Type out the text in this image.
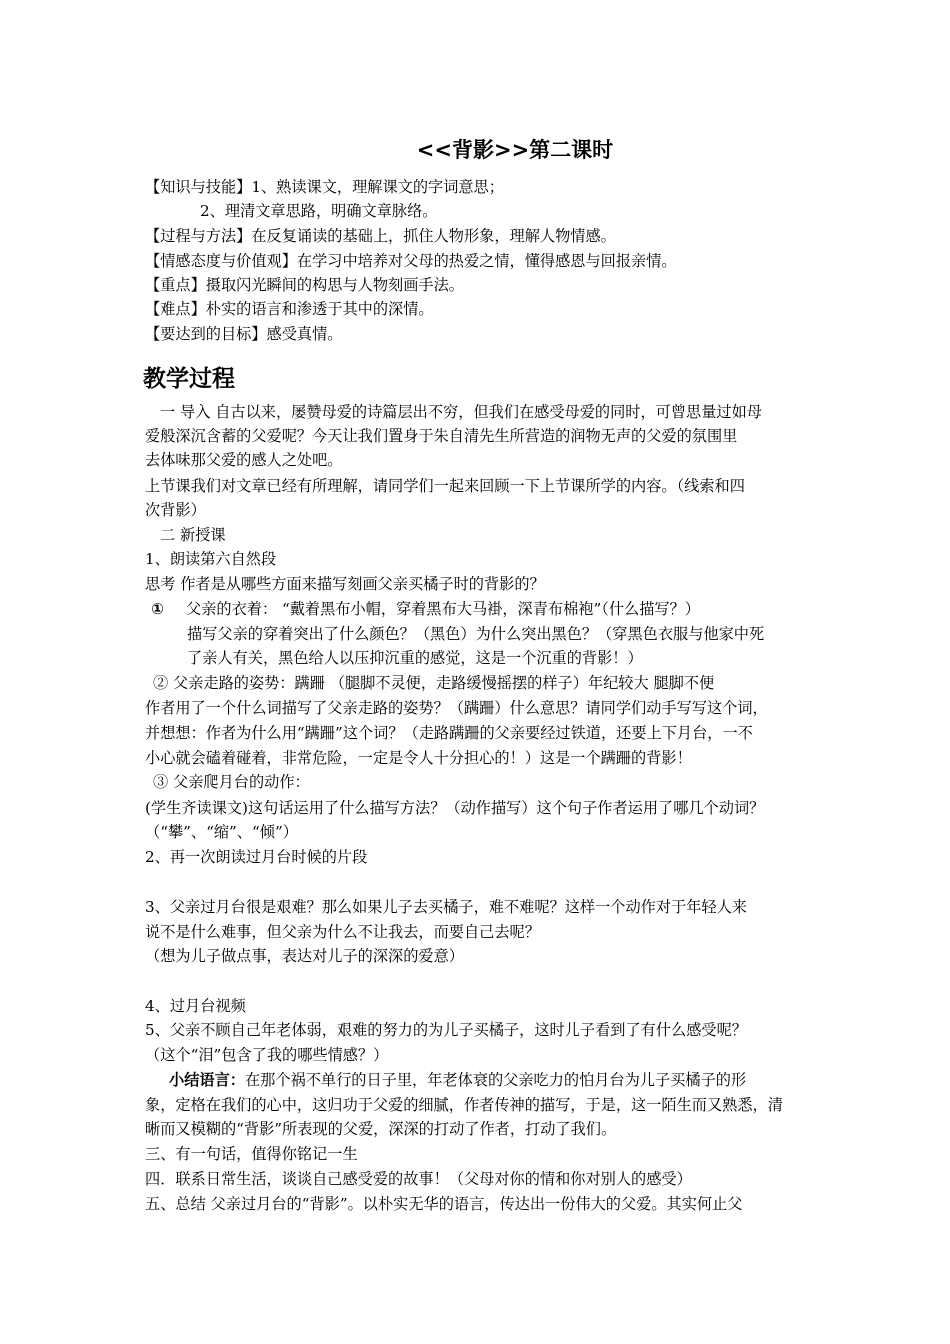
<<背影>>第二课时
【知识与技能】1、熟读课文，理解课文的字词意思；
2、理清文章思路，明确文章脉络。
【过程与方法】在反复诵读的基础上，抓住人物形象，理解人物情感。
【情感态度与价值观】在学习中培养对父母的热爱之情，懂得感恩与回报亲情。
【重点】摄取闪光瞬间的构思与人物刻画手法。
【难点】朴实的语言和渗透于其中的深情。
【要达到的目标】感受真情。
教学过程
一 导入 自古以来，屡赞母爱的诗篇层出不穷，但我们在感受母爱的同时，可曾思量过如母
爱般深沉含蓄的父爱呢？今天让我们置身于朱自清先生所营造的润物无声的父爱的氛围里
去体味那父爱的感人之处吧。
上节课我们对文章已经有所理解，请同学们一起来回顾一下上节课所学的内容。（线索和四
次背影）
二 新授课
1、朗读第六自然段
思考 作者是从哪些方面来描写刻画父亲买橘子时的背影的？
① 父亲的衣着： “戴着黑布小帽，穿着黑布大马褂，深青布棉袍”（什么描写？）
描写父亲的穿着突出了什么颜色？（黑色）为什么突出黑色？（穿黑色衣服与他家中死
了亲人有关，黑色给人以压抑沉重的感觉，这是一个沉重的背影！）
② 父亲走路的姿势：蹒跚 （腿脚不灵便，走路缓慢摇摆的样子）年纪较大 腿脚不便
作者用了一个什么词描写了父亲走路的姿势？（蹒跚）什么意思？请同学们动手写写这个词，
并想想：作者为什么用“蹒跚”这个词？（走路蹒跚的父亲要经过铁道，还要上下月台，一不
小心就会磕着碰着，非常危险，一定是令人十分担心的！）这是一个蹒跚的背影！
③ 父亲爬月台的动作：
(学生齐读课文)这句话运用了什么描写方法？（动作描写）这个句子作者运用了哪几个动词？
（“攀”、“缩”、“倾”）
2、再一次朗读过月台时候的片段
3、父亲过月台很是艰难？那么如果儿子去买橘子，难不难呢？这样一个动作对于年轻人来
说不是什么难事，但父亲为什么不让我去，而要自己去呢？
（想为儿子做点事，表达对儿子的深深的爱意）
4、过月台视频
5、父亲不顾自己年老体弱，艰难的努力的为儿子买橘子，这时儿子看到了有什么感受呢？
（这个“泪”包含了我的哪些情感？）
小结语言：在那个祸不单行的日子里，年老体衰的父亲吃力的怕月台为儿子买橘子的形
象，定格在我们的心中，这归功于父爱的细腻，作者传神的描写，于是，这一陌生而又熟悉，清
晰而又模糊的“背影”所表现的父爱，深深的打动了作者，打动了我们。
三、有一句话，值得你铭记一生
四．联系日常生活，谈谈自己感受爱的故事！（父母对你的情和你对别人的感受）
五、总结 父亲过月台的“背影”。以朴实无华的语言，传达出一份伟大的父爱。其实何止父
